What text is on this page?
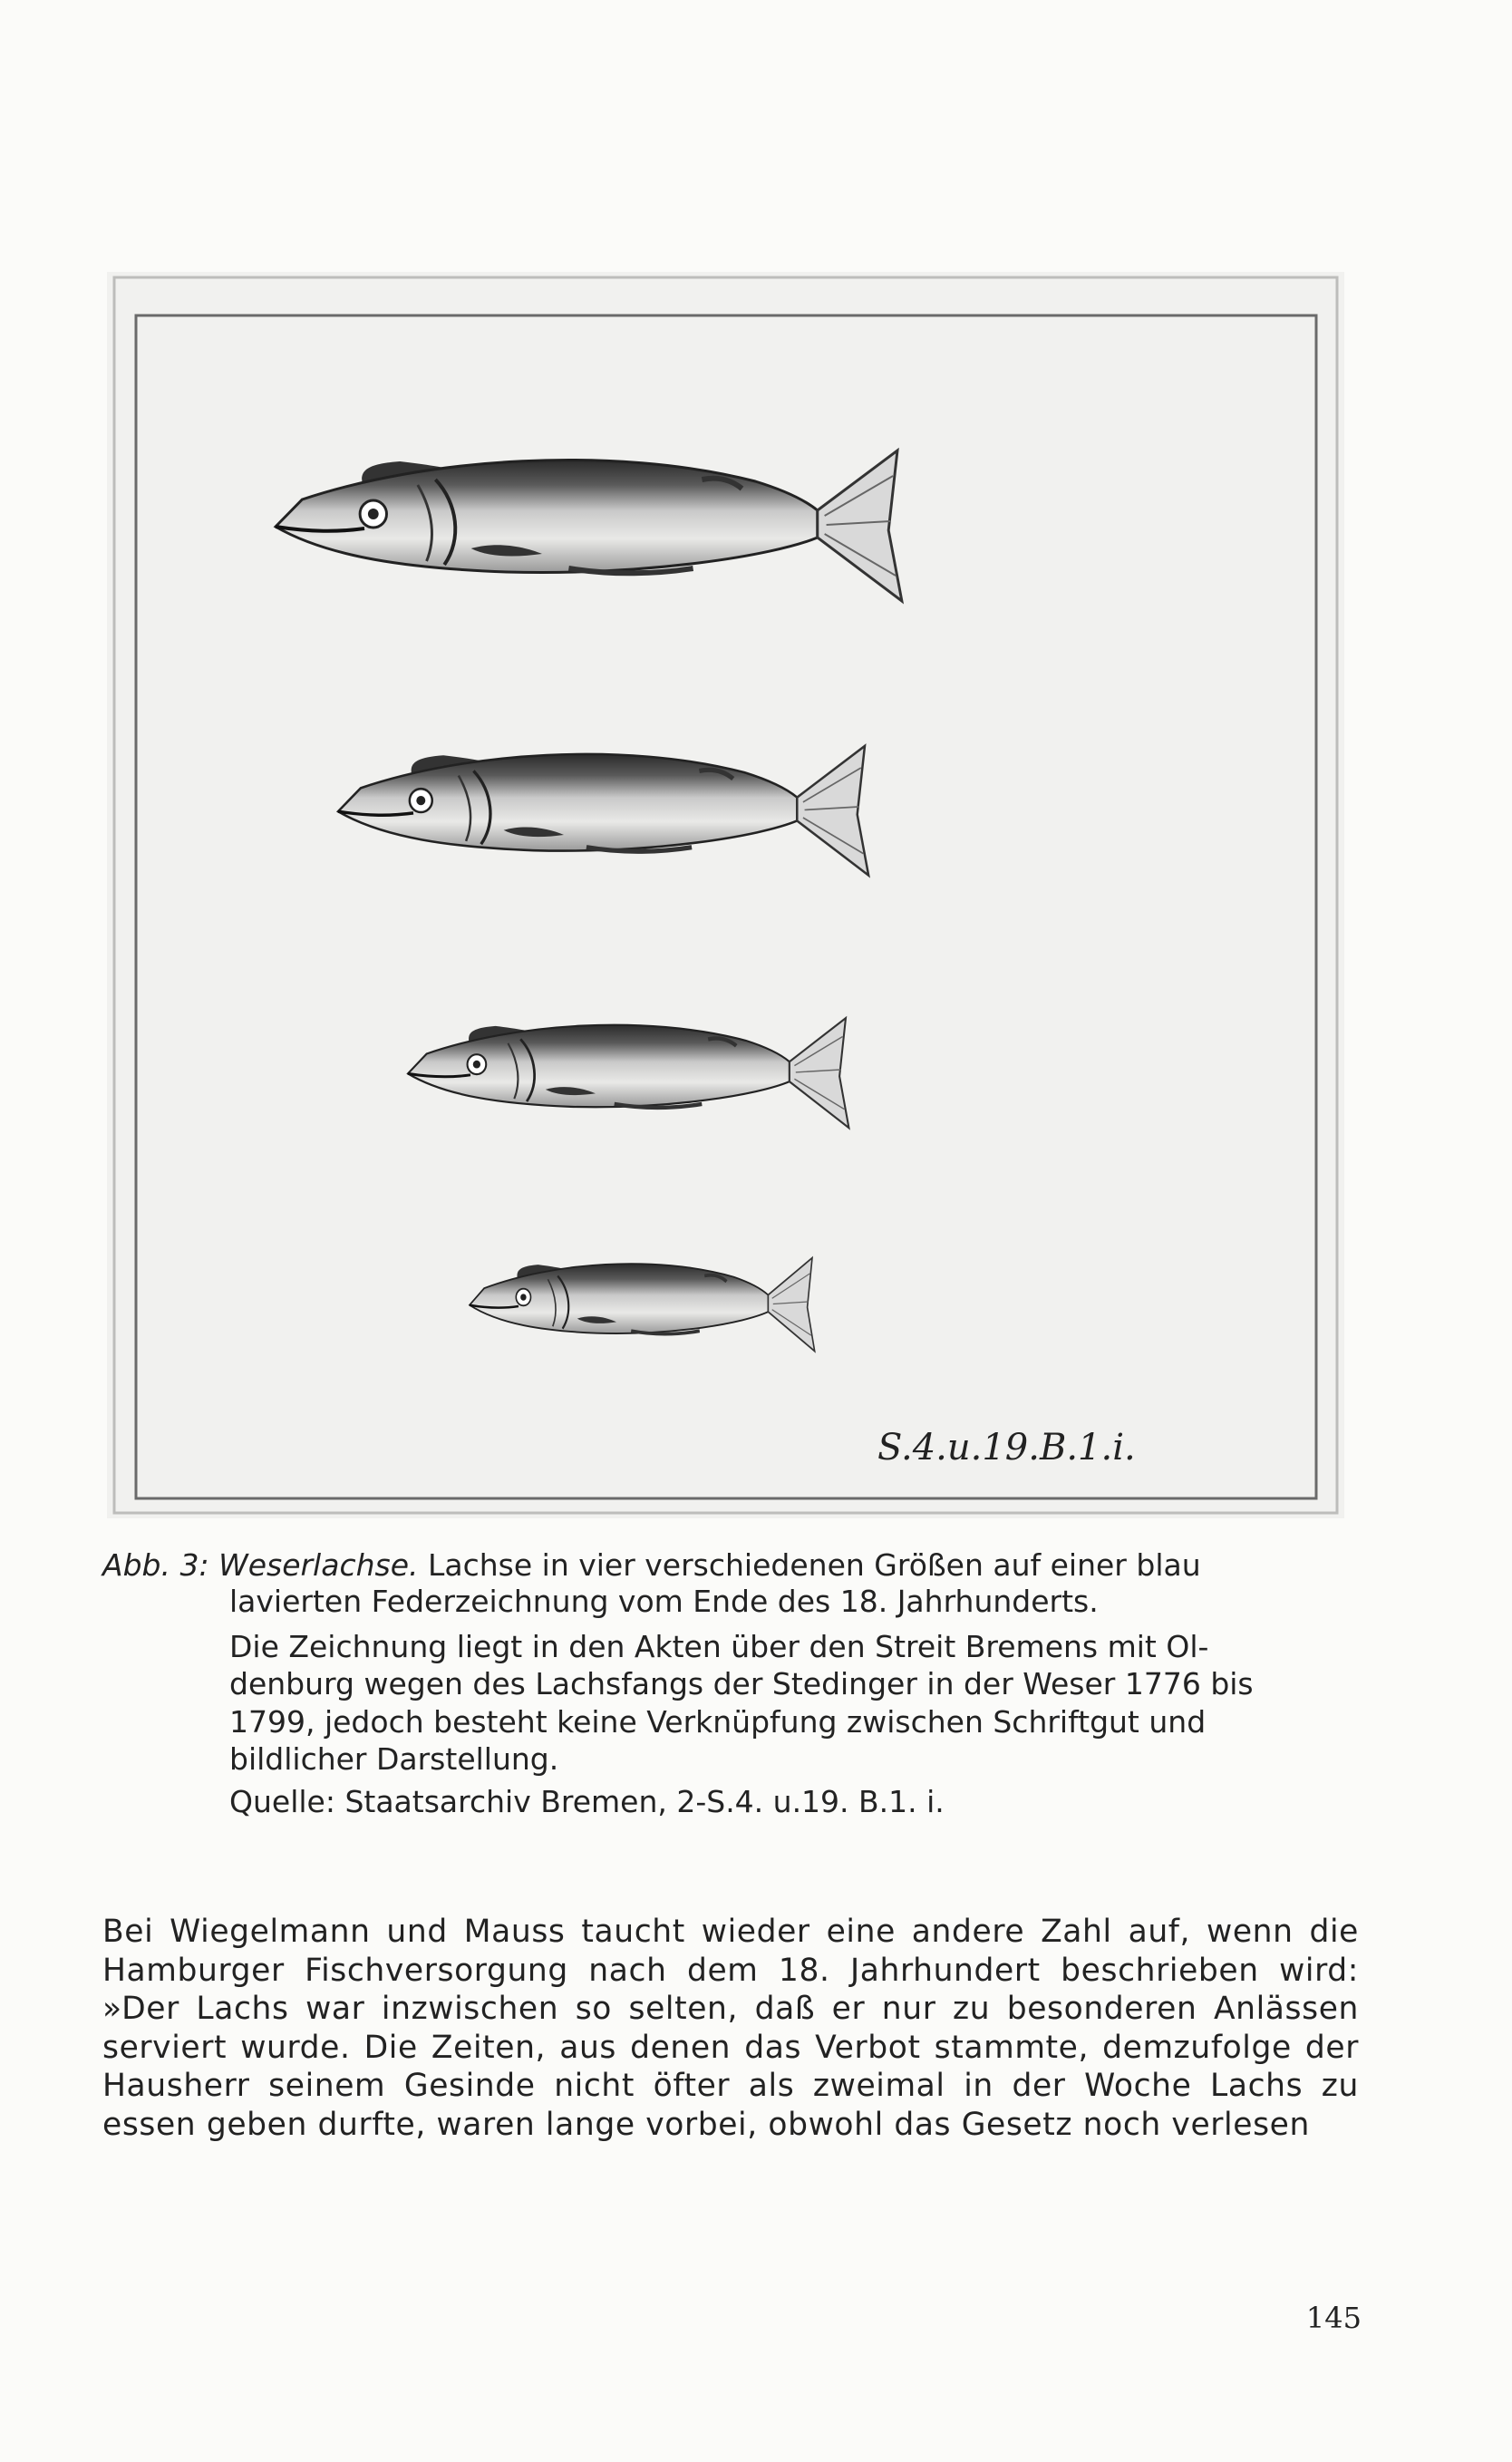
S.4.u.19.B.1.i.
Abb. 3: Weserlachse. Lachse in vier verschiedenen Größen auf einer blau
lavierten Federzeichnung vom Ende des 18. Jahrhunderts.
Die Zeichnung liegt in den Akten über den Streit Bremens mit Ol-
denburg wegen des Lachsfangs der Stedinger in der Weser 1776 bis
1799, jedoch besteht keine Verknüpfung zwischen Schriftgut und
bildlicher Darstellung.
Quelle: Staatsarchiv Bremen, 2-S.4. u.19. B.1. i.
Bei Wiegelmann und Mauss taucht wieder eine andere Zahl auf, wenn die Hamburger Fischversorgung nach dem 18. Jahrhundert beschrieben wird: »Der Lachs war inzwischen so selten, daß er nur zu besonderen Anlässen serviert wurde. Die Zeiten, aus denen das Verbot stammte, demzufolge der Hausherr seinem Gesinde nicht öfter als zweimal in der Woche Lachs zu essen geben durfte, waren lange vorbei, obwohl das Gesetz noch verlesen
145
